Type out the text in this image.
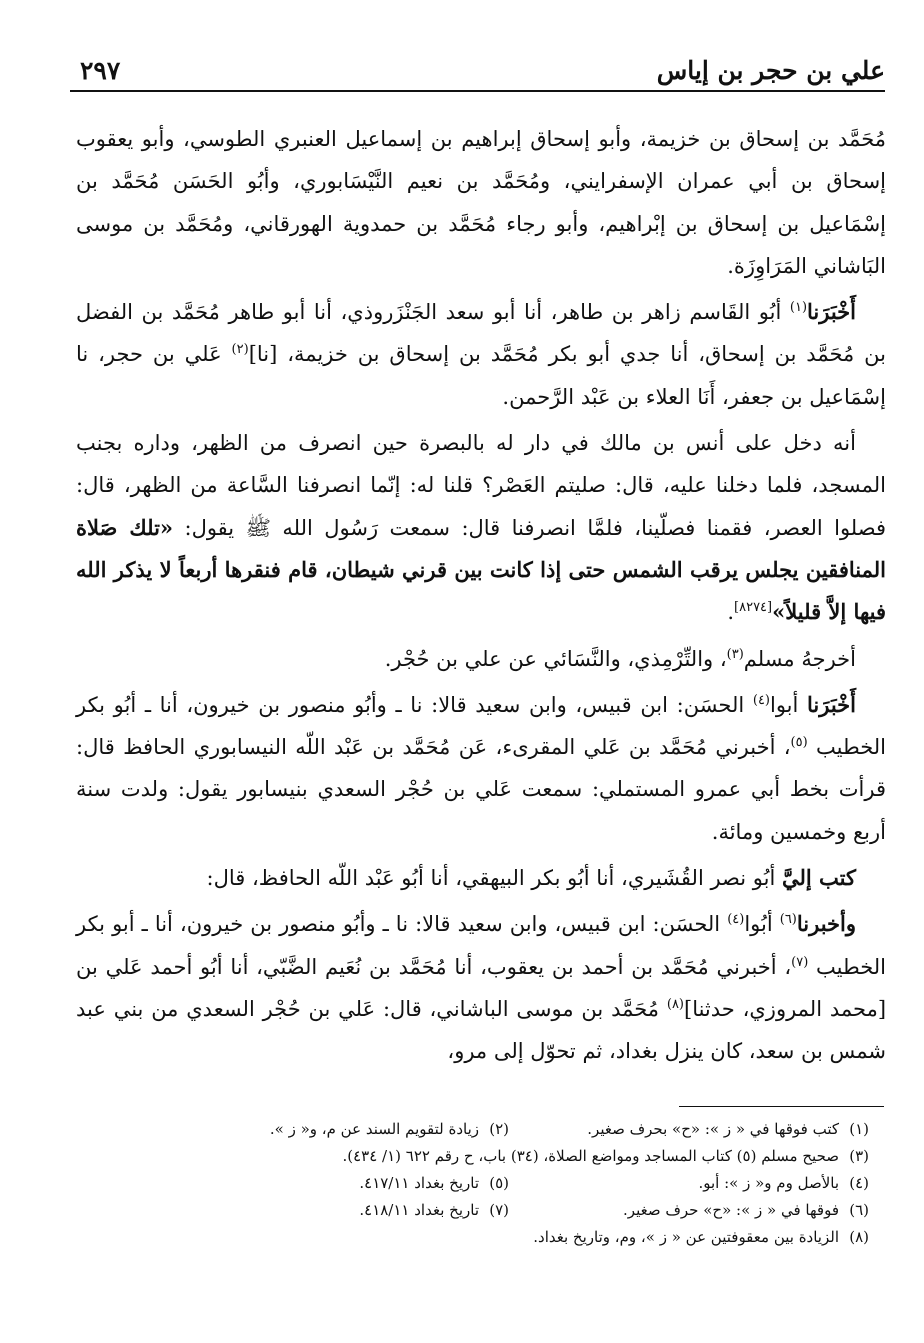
علي بن حجر بن إياس
٢٩٧

مُحَمَّد بن إسحاق بن خزيمة، وأبو إسحاق إبراهيم بن إسماعيل العنبري الطوسي، وأبو يعقوب إسحاق بن أبي عمران الإسفرايني، ومُحَمَّد بن نعيم النَّيْسَابوري، وأبُو الحَسَن مُحَمَّد بن إسْمَاعيل بن إسحاق بن إبْراهيم، وأبو رجاء مُحَمَّد بن حمدوية الهورقاني، ومُحَمَّد بن موسى البَاشاني المَرَاوِزَة.

أَخْبَرَنا$^{(١)}$ أبُو القَاسم زاهر بن طاهر، أنا أبو سعد الجَنْزَروذي، أنا أبو طاهر مُحَمَّد بن الفضل بن مُحَمَّد بن إسحاق، أنا جدي أبو بكر مُحَمَّد بن إسحاق بن خزيمة، [نا]$^{(٢)}$ عَلي بن حجر، نا إسْمَاعيل بن جعفر، أَنَا العلاء بن عَبْد الرَّحمن.

أنه دخل على أنس بن مالك في دار له بالبصرة حين انصرف من الظهر، وداره بجنب المسجد، فلما دخلنا عليه، قال: صليتم العَصْر؟ قلنا له: إنّما انصرفنا السَّاعة من الظهر، قال: فصلوا العصر، فقمنا فصلّينا، فلمَّا انصرفنا قال: سمعت رَسُول الله ﷺ يقول: «تلك صَلاة المنافقين يجلس يرقب الشمس حتى إذا كانت بين قرني شيطان، قام فنقرها أربعاً لا يذكر الله فيها إلاَّ قليلاً»[٨٢٧٤].

أخرجهُ مسلم$^{(٣)}$، والتِّرْمِذي، والنَّسَائي عن علي بن حُجْر.

أَخْبَرَنا أبوا$^{(٤)}$ الحسَن: ابن قبيس، وابن سعيد قالا: نا ـ وأبُو منصور بن خيرون، أنا ـ أبُو بكر الخطيب $^{(٥)}$، أخبرني مُحَمَّد بن عَلي المقرىء، عَن مُحَمَّد بن عَبْد اللّه النيسابوري الحافظ قال: قرأت بخط أبي عمرو المستملي: سمعت عَلي بن حُجْر السعدي بنيسابور يقول: ولدت سنة أربع وخمسين ومائة.

كتب إليَّ أبُو نصر القُشَيري، أنا أبُو بكر البيهقي، أنا أبُو عَبْد اللّه الحافظ، قال:

وأخبرنا$^{(٦)}$ أبُوا$^{(٤)}$ الحسَن: ابن قبيس، وابن سعيد قالا: نا ـ وأبُو منصور بن خيرون، أنا ـ أبو بكر الخطيب $^{(٧)}$، أخبرني مُحَمَّد بن أحمد بن يعقوب، أنا مُحَمَّد بن نُعَيم الضَّبّي، أنا أبُو أحمد عَلي بن [محمد المروزي، حدثنا]$^{(٨)}$ مُحَمَّد بن موسى الباشاني، قال: عَلي بن حُجْر السعدي من بني عبد شمس بن سعد، كان ينزل بغداد، ثم تحوّل إلى مرو،

(١)كتب فوقها في « ز »: «ح» بحرف صغير.
(٢)زيادة لتقويم السند عن م، و« ز ».
(٣)صحيح مسلم (٥) كتاب المساجد ومواضع الصلاة، (٣٤) باب، ح رقم ٦٢٢ (١/ ٤٣٤).
(٤)بالأصل وم و« ز »: أبو.
(٥)تاريخ بغداد ٤١٧/١١.
(٦)فوقها في « ز »: «ح» حرف صغير.
(٧)تاريخ بغداد ٤١٨/١١.
(٨)الزيادة بين معقوفتين عن « ز »، وم، وتاريخ بغداد.
